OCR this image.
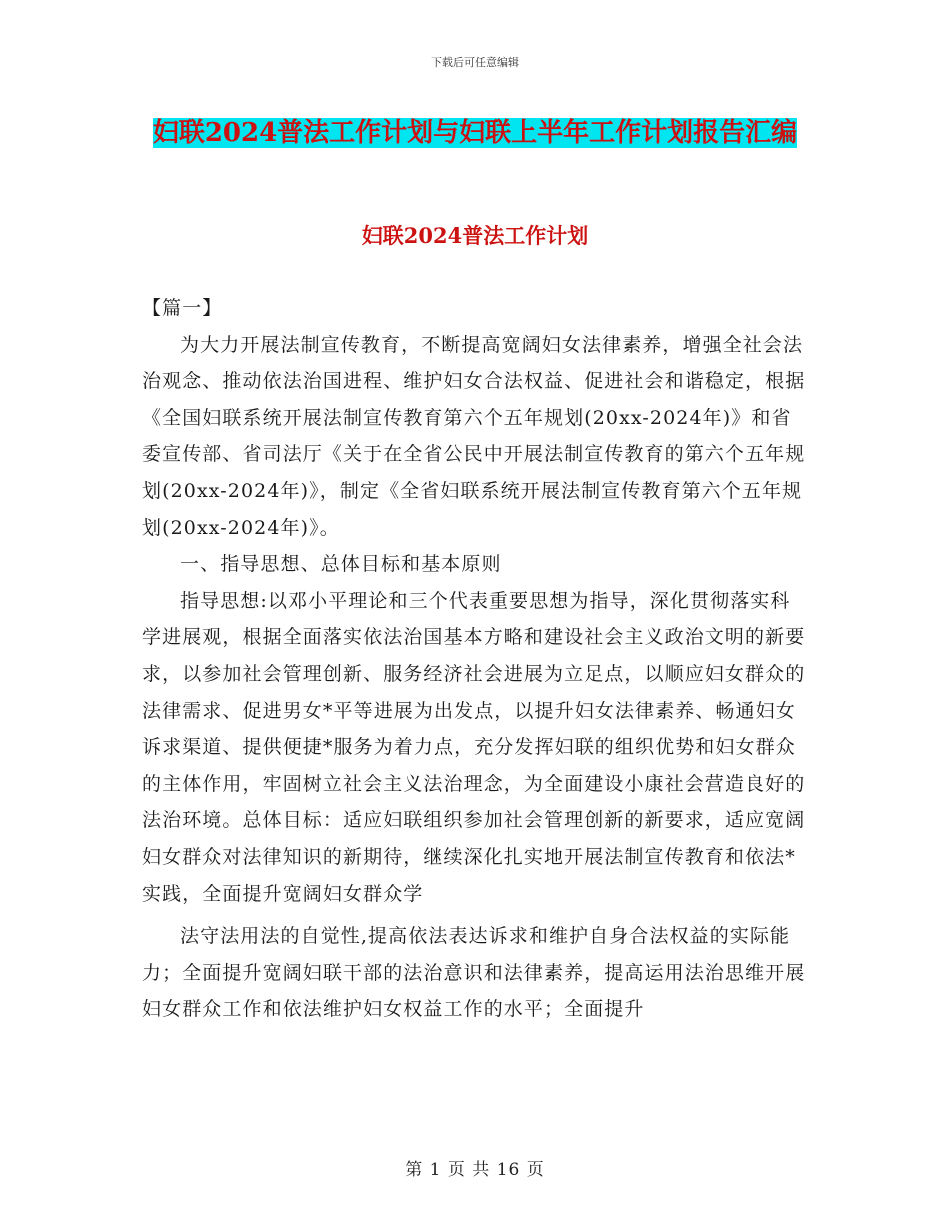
下载后可任意编辑
妇联2024普法工作计划与妇联上半年工作计划报告汇编
妇联2024普法工作计划

【篇一】

为大力开展法制宣传教育，不断提高宽阔妇女法律素养，增强全社会法治观念、推动依法治国进程、维护妇女合法权益、促进社会和谐稳定，根据《全国妇联系统开展法制宣传教育第六个五年规划(20xx-2024年)》和省委宣传部、省司法厅《关于在全省公民中开展法制宣传教育的第六个五年规划(20xx-2024年)》，制定《全省妇联系统开展法制宣传教育第六个五年规划(20xx-2024年)》。

一、指导思想、总体目标和基本原则

指导思想:以邓小平理论和三个代表重要思想为指导，深化贯彻落实科学进展观，根据全面落实依法治国基本方略和建设社会主义政治文明的新要求，以参加社会管理创新、服务经济社会进展为立足点，以顺应妇女群众的法律需求、促进男女*平等进展为出发点，以提升妇女法律素养、畅通妇女诉求渠道、提供便捷*服务为着力点，充分发挥妇联的组织优势和妇女群众的主体作用，牢固树立社会主义法治理念，为全面建设小康社会营造良好的法治环境。总体目标：适应妇联组织参加社会管理创新的新要求，适应宽阔妇女群众对法律知识的新期待，继续深化扎实地开展法制宣传教育和依法*实践，全面提升宽阔妇女群众学

法守法用法的自觉性,提高依法表达诉求和维护自身合法权益的实际能力；全面提升宽阔妇联干部的法治意识和法律素养，提高运用法治思维开展妇女群众工作和依法维护妇女权益工作的水平；全面提升

第 1 页 共 16 页
